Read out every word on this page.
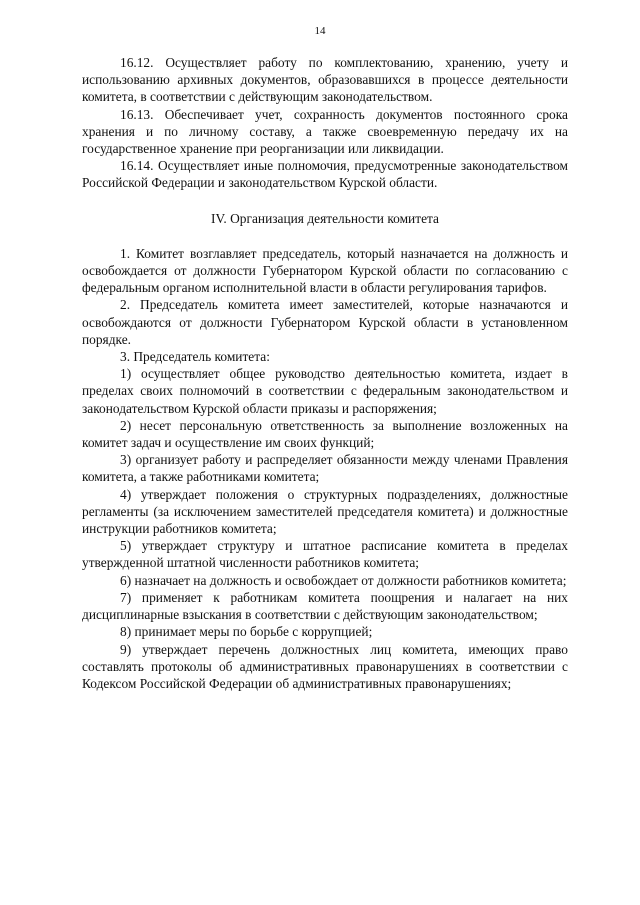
14

16.12. Осуществляет работу по комплектованию, хранению, учету и использованию архивных документов, образовавшихся в процессе деятельности комитета, в соответствии с действующим законодательством.

16.13. Обеспечивает учет, сохранность документов постоянного срока хранения и по личному составу, а также своевременную передачу их на государственное хранение при реорганизации или ликвидации.

16.14. Осуществляет иные полномочия, предусмотренные законодательством Российской Федерации и законодательством Курской области.

IV. Организация деятельности комитета

1. Комитет возглавляет председатель, который назначается на должность и освобождается от должности Губернатором Курской области по согласованию с федеральным органом исполнительной власти в области регулирования тарифов.

2. Председатель комитета имеет заместителей, которые назначаются и освобождаются от должности Губернатором Курской области в установленном порядке.

3. Председатель комитета:

1) осуществляет общее руководство деятельностью комитета, издает в пределах своих полномочий в соответствии с федеральным законодательством и законодательством Курской области приказы и распоряжения;

2) несет персональную ответственность за выполнение возложенных на комитет задач и осуществление им своих функций;

3) организует работу и распределяет обязанности между членами Правления комитета, а также работниками комитета;

4) утверждает положения о структурных подразделениях, должностные регламенты (за исключением заместителей председателя комитета) и должностные инструкции работников комитета;

5) утверждает структуру и штатное расписание комитета в пределах утвержденной штатной численности работников комитета;

6) назначает на должность и освобождает от должности работников комитета;

7) применяет к работникам комитета поощрения и налагает на них дисциплинарные взыскания в соответствии с действующим законодательством;

8) принимает меры по борьбе с коррупцией;

9) утверждает перечень должностных лиц комитета, имеющих право составлять протоколы об административных правонарушениях в соответствии с Кодексом Российской Федерации об административных правонарушениях;
